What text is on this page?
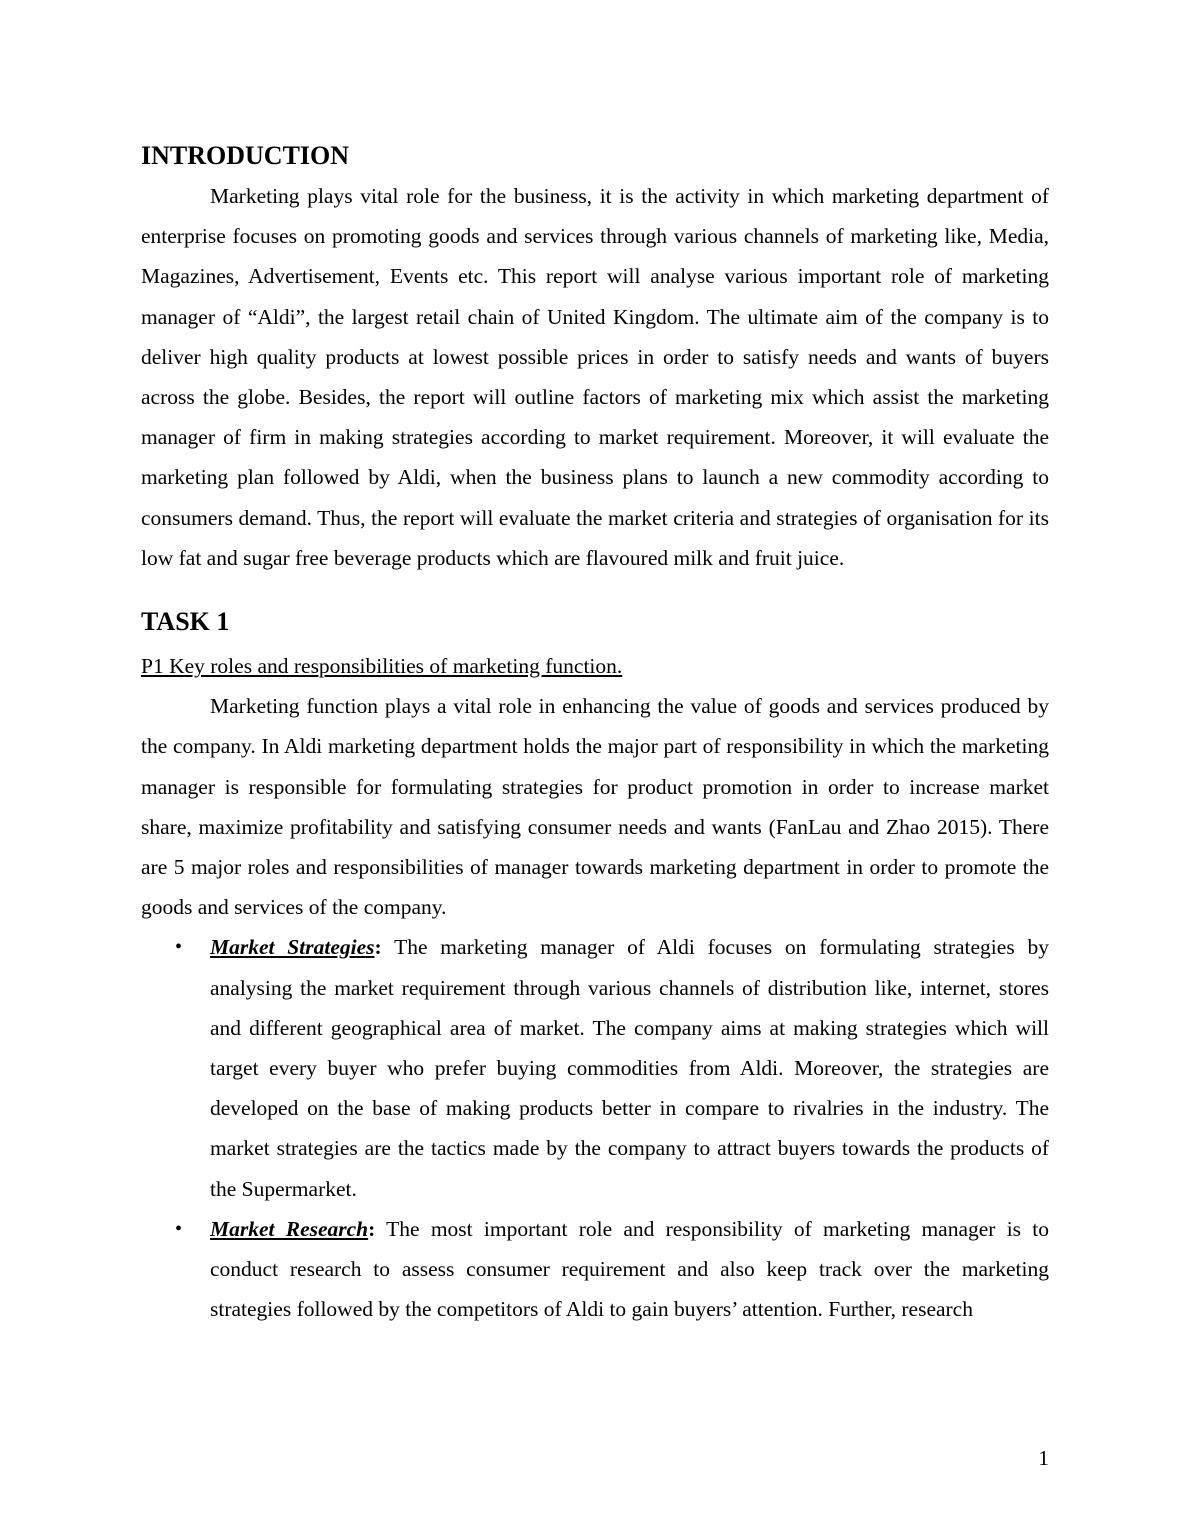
INTRODUCTION

Marketing plays vital role for the business, it is the activity in which marketing department of enterprise focuses on promoting goods and services through various channels of marketing like, Media, Magazines, Advertisement, Events etc. This report will analyse various important role of marketing manager of “Aldi”, the largest retail chain of United Kingdom. The ultimate aim of the company is to deliver high quality products at lowest possible prices in order to satisfy needs and wants of buyers across the globe. Besides, the report will outline factors of marketing mix which assist the marketing manager of firm in making strategies according to market requirement. Moreover, it will evaluate the marketing plan followed by Aldi, when the business plans to launch a new commodity according to consumers demand. Thus, the report will evaluate the market criteria and strategies of organisation for its low fat and sugar free beverage products which are flavoured milk and fruit juice.

TASK 1

P1 Key roles and responsibilities of marketing function.

Marketing function plays a vital role in enhancing the value of goods and services produced by the company. In Aldi marketing department holds the major part of responsibility in which the marketing manager is responsible for formulating strategies for product promotion in order to increase market share, maximize profitability and satisfying consumer needs and wants (FanLau and Zhao 2015). There are 5 major roles and responsibilities of manager towards marketing department in order to promote the goods and services of the company.

• Market Strategies: The marketing manager of Aldi focuses on formulating strategies by analysing the market requirement through various channels of distribution like, internet, stores and different geographical area of market. The company aims at making strategies which will target every buyer who prefer buying commodities from Aldi. Moreover, the strategies are developed on the base of making products better in compare to rivalries in the industry. The market strategies are the tactics made by the company to attract buyers towards the products of the Supermarket.
• Market Research: The most important role and responsibility of marketing manager is to conduct research to assess consumer requirement and also keep track over the marketing strategies followed by the competitors of Aldi to gain buyers’ attention. Further, research
1
